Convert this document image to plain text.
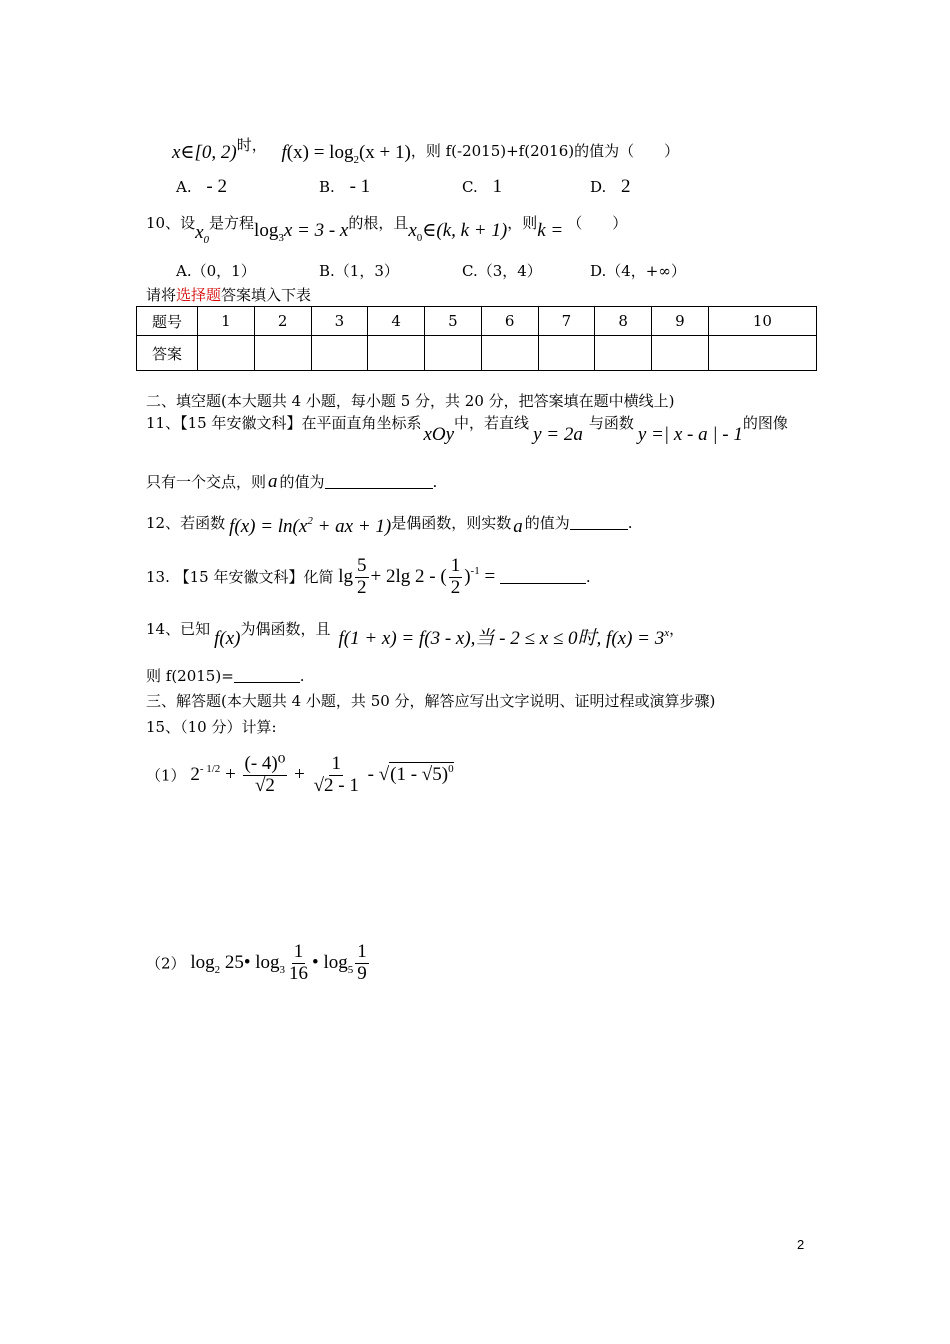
x∈[0, 2)时， $f(x) = \log_2(x + 1)$，则 f(-2015)+f(2016)的值为（　　）
A. - 2	B. - 1	C. 1	D. 2
10、设$x_0$是方程$\log_3x = 3 - x$的根，且$x_0\in(k$, k + 1)，则k = （　　）
A.（0，1）	B.（1，3）	C.（3，4）	D.（4，+∞）
请将选择题答案填入下表
题号	1	2	3	4	5	6	7	8	9	10
答案										
二、填空题(本大题共 4 小题，每小题 5 分，共 20 分，把答案填在题中横线上)
11、【15 年安徽文科】在平面直角坐标系xOy中，若直线y = 2a与函数y =| x - a | - 1的图像
只有一个交点，则 a 的值为	.
12、若函数 $f(x) = \ln(x^2$ + ax + 1)是偶函数，则实数 a 的值为	.
13. 【15 年安徽文科】化简 $\lg \frac{5}{2} + 2\lg$ 2 - ( $\frac{1}{2} )^{-1}$ =	.
14、已知 f(x)为偶函数，且 f(1 + x) = f(3 - x),当 - 2 ≤ x ≤ 0时, $f(x) = 3^x$，
则 f(2015)=	.
三、解答题(本大题共 4 小题，共 50 分，解答应写出文字说明、证明过程或演算步骤)
15、（10 分）计算:
（1） $2^{- 1/2} + \frac{\text{(- 4)⁰}}{√2} + \frac{1}{√2 - 1} - √(1 - √5)^0$
（2） $\log_2$ 25• $\log_3 \frac{1}{16}$ • $\log_5 \frac{1}{9}$
2
